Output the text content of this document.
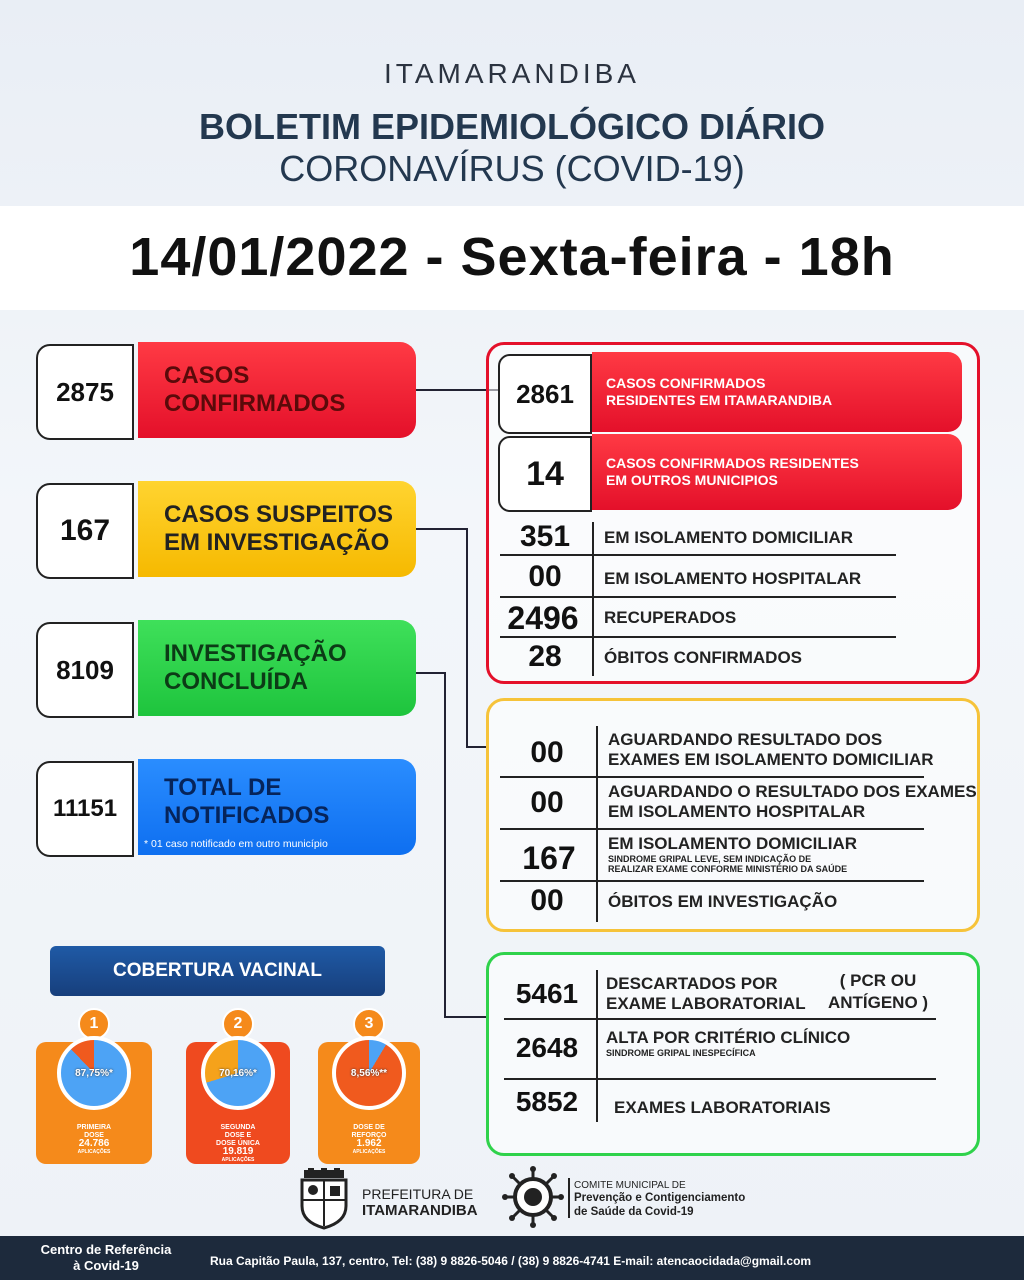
ITAMARANDIBA
BOLETIM EPIDEMIOLÓGICO DIÁRIO
CORONAVÍRUS (COVID-19)
14/01/2022 - Sexta-feira - 18h
2875
CASOS
CONFIRMADOS
167	CASOS SUSPEITOS
EM INVESTIGAÇÃO
8109
INVESTIGAÇÃO
CONCLUÍDA
11151
TOTAL DE
NOTIFICADOS
* 01 caso notificado em outro município
2861	CASOS CONFIRMADOS
RESIDENTES EM ITAMARANDIBA
14	CASOS CONFIRMADOS RESIDENTES
EM OUTROS MUNICIPIOS
351	EM ISOLAMENTO DOMICILIAR
00	EM ISOLAMENTO HOSPITALAR
2496	RECUPERADOS
28	ÓBITOS CONFIRMADOS
00	AGUARDANDO RESULTADO DOS
EXAMES EM ISOLAMENTO DOMICILIAR
00	AGUARDANDO O RESULTADO DOS EXAMES
EM ISOLAMENTO HOSPITALAR
167	EM ISOLAMENTO DOMICILIAR
SINDROME GRIPAL LEVE, SEM INDICAÇÃO DE
REALIZAR EXAME CONFORME MINISTÉRIO DA SAÚDE
00	ÓBITOS EM INVESTIGAÇÃO
5461	DESCARTADOS POR
EXAME LABORATORIAL
( PCR OU
ANTÍGENO )
2648	ALTA POR CRITÉRIO CLÍNICO
SINDROME GRIPAL INESPECÍFICA
5852	EXAMES LABORATORIAIS
COBERTURA VACINAL
1
87,75%*
PRIMEIRA
DOSE
24.786
APLICAÇÕES
2
70,16%*
SEGUNDA
DOSE E
DOSE ÚNICA
19.819
APLICAÇÕES
3
8,56%**
DOSE DE
REFORÇO
1.962
APLICAÇÕES
PREFEITURA DE
ITAMARANDIBA
COMITE MUNICIPAL DE
Prevenção e Contigenciamento
de Saúde da Covid-19
Centro de Referência
à Covid-19	Rua Capitão Paula, 137, centro, Tel: (38) 9 8826-5046 / (38) 9 8826-4741 E-mail: atencaocidada@gmail.com
